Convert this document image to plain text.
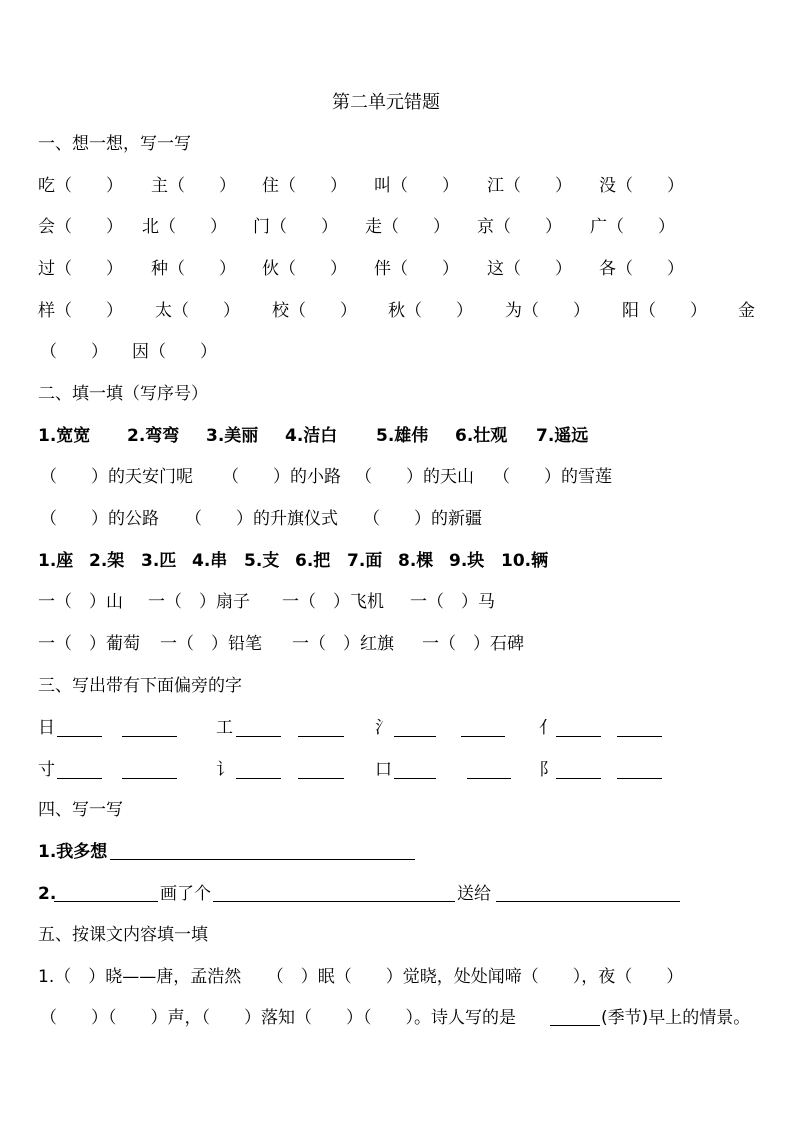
第二单元错题
一、想一想，写一写
吃（　　） 主（　　） 住（　　） 叫（　　） 江（　　） 没（　　）
会（　　） 北（　　） 门（　　） 走（　　） 京（　　） 广（　　）
过（　　） 种（　　） 伙（　　） 伴（　　） 这（　　） 各（　　）
样（　　） 太（　　） 校（　　） 秋（　　） 为（　　） 阳（　　） 金
（　　） 因（　　）
二、填一填（写序号）
1.宽宽 2.弯弯 3.美丽 4.洁白 5.雄伟 6.壮观 7.遥远
（　　）的天安门呢 （　　）的小路 （　　）的天山 （　　）的雪莲
（　　）的公路 （　　）的升旗仪式 （　　）的新疆
1.座 2.架 3.匹 4.串 5.支 6.把 7.面 8.棵 9.块 10.辆
一（　）山 一（　）扇子 一（　）飞机 一（　）马
一（　）葡萄 一（　）铅笔 一（　）红旗 一（　）石碑
三、写出带有下面偏旁的字
日	工	氵	亻
寸	讠	口	阝
四、写一写
1.我多想
2.	画了个	送给
五、按课文内容填一填
1.（　）晓——唐，孟浩然　　（　）眠（　　）觉晓，处处闻啼（　　），夜（　　）
（　　）（　　）声，（　　）落知（　　）（　　）。诗人写的是	(季节)早上的情景。
